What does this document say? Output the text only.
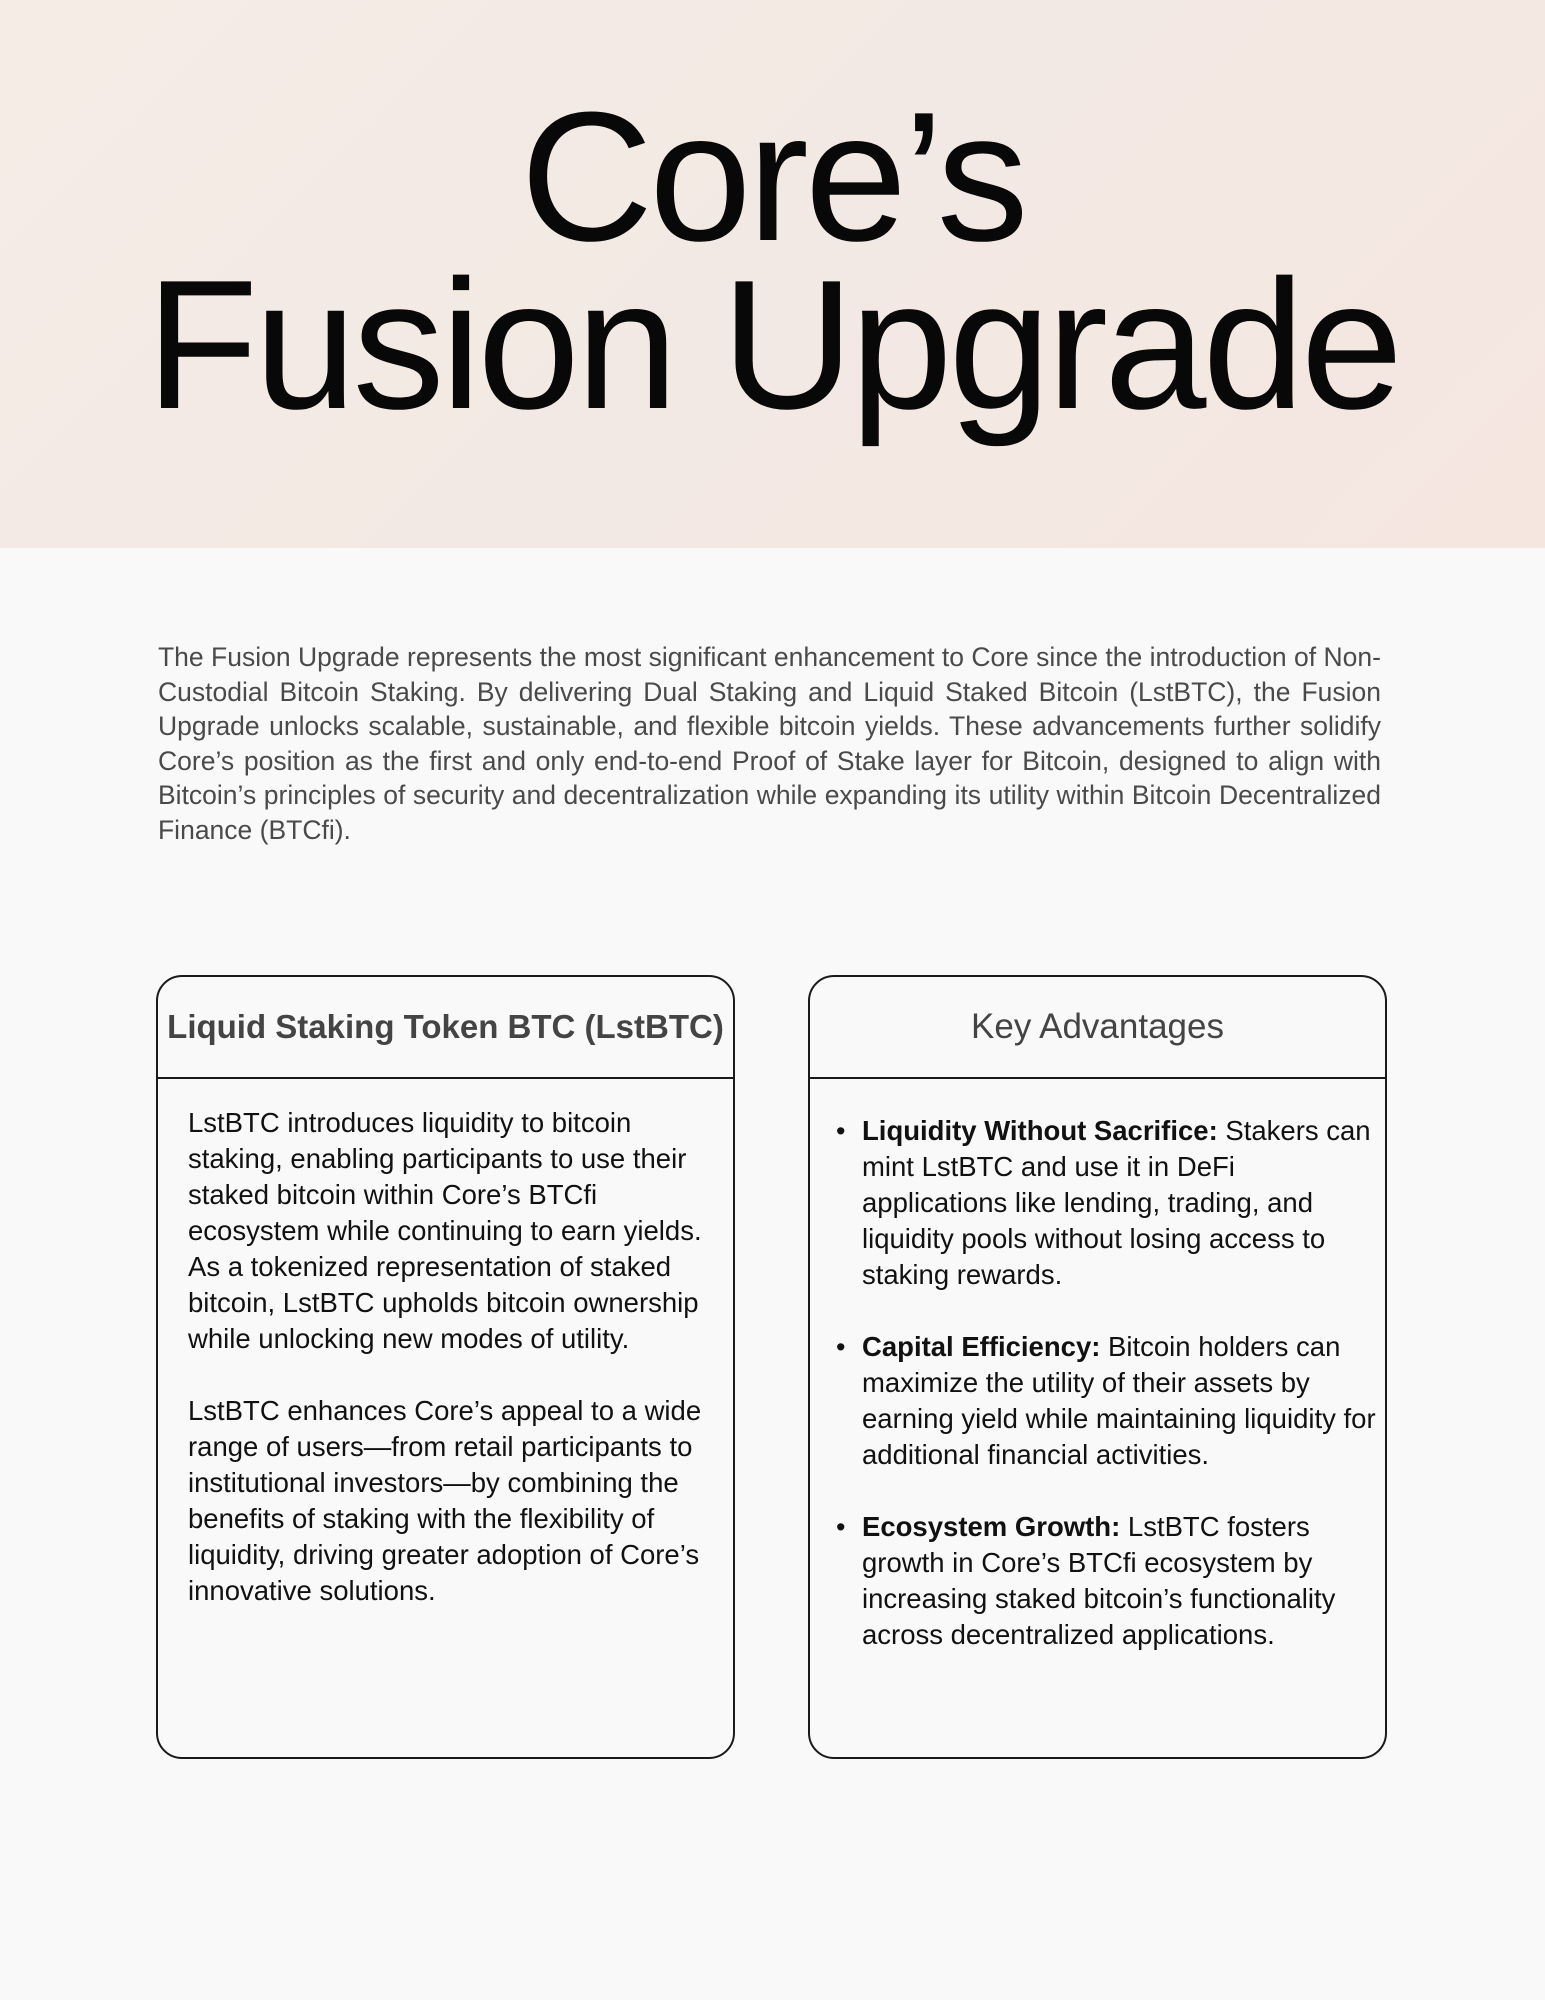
Core’s
Fusion Upgrade

The Fusion Upgrade represents the most significant enhancement to Core since the introduction of Non-Custodial Bitcoin Staking. By delivering Dual Staking and Liquid Staked Bitcoin (LstBTC), the Fusion Upgrade unlocks scalable, sustainable, and flexible bitcoin yields. These advancements further solidify Core’s position as the first and only end-to-end Proof of Stake layer for Bitcoin, designed to align with Bitcoin’s principles of security and decentralization while expanding its utility within Bitcoin Decentralized Finance (BTCfi).

Liquid Staking Token BTC (LstBTC)

LstBTC introduces liquidity to bitcoin staking, enabling participants to use their staked bitcoin within Core’s BTCfi ecosystem while continuing to earn yields. As a tokenized representation of staked bitcoin, LstBTC upholds bitcoin ownership while unlocking new modes of utility.

LstBTC enhances Core’s appeal to a wide range of users—from retail participants to institutional investors—by combining the benefits of staking with the flexibility of liquidity, driving greater adoption of Core’s innovative solutions.

Key Advantages
• Liquidity Without Sacrifice: Stakers can mint LstBTC and use it in DeFi applications like lending, trading, and liquidity pools without losing access to staking rewards.
• Capital Efficiency: Bitcoin holders can maximize the utility of their assets by earning yield while maintaining liquidity for additional financial activities.
• Ecosystem Growth: LstBTC fosters growth in Core’s BTCfi ecosystem by increasing staked bitcoin’s functionality across decentralized applications.
